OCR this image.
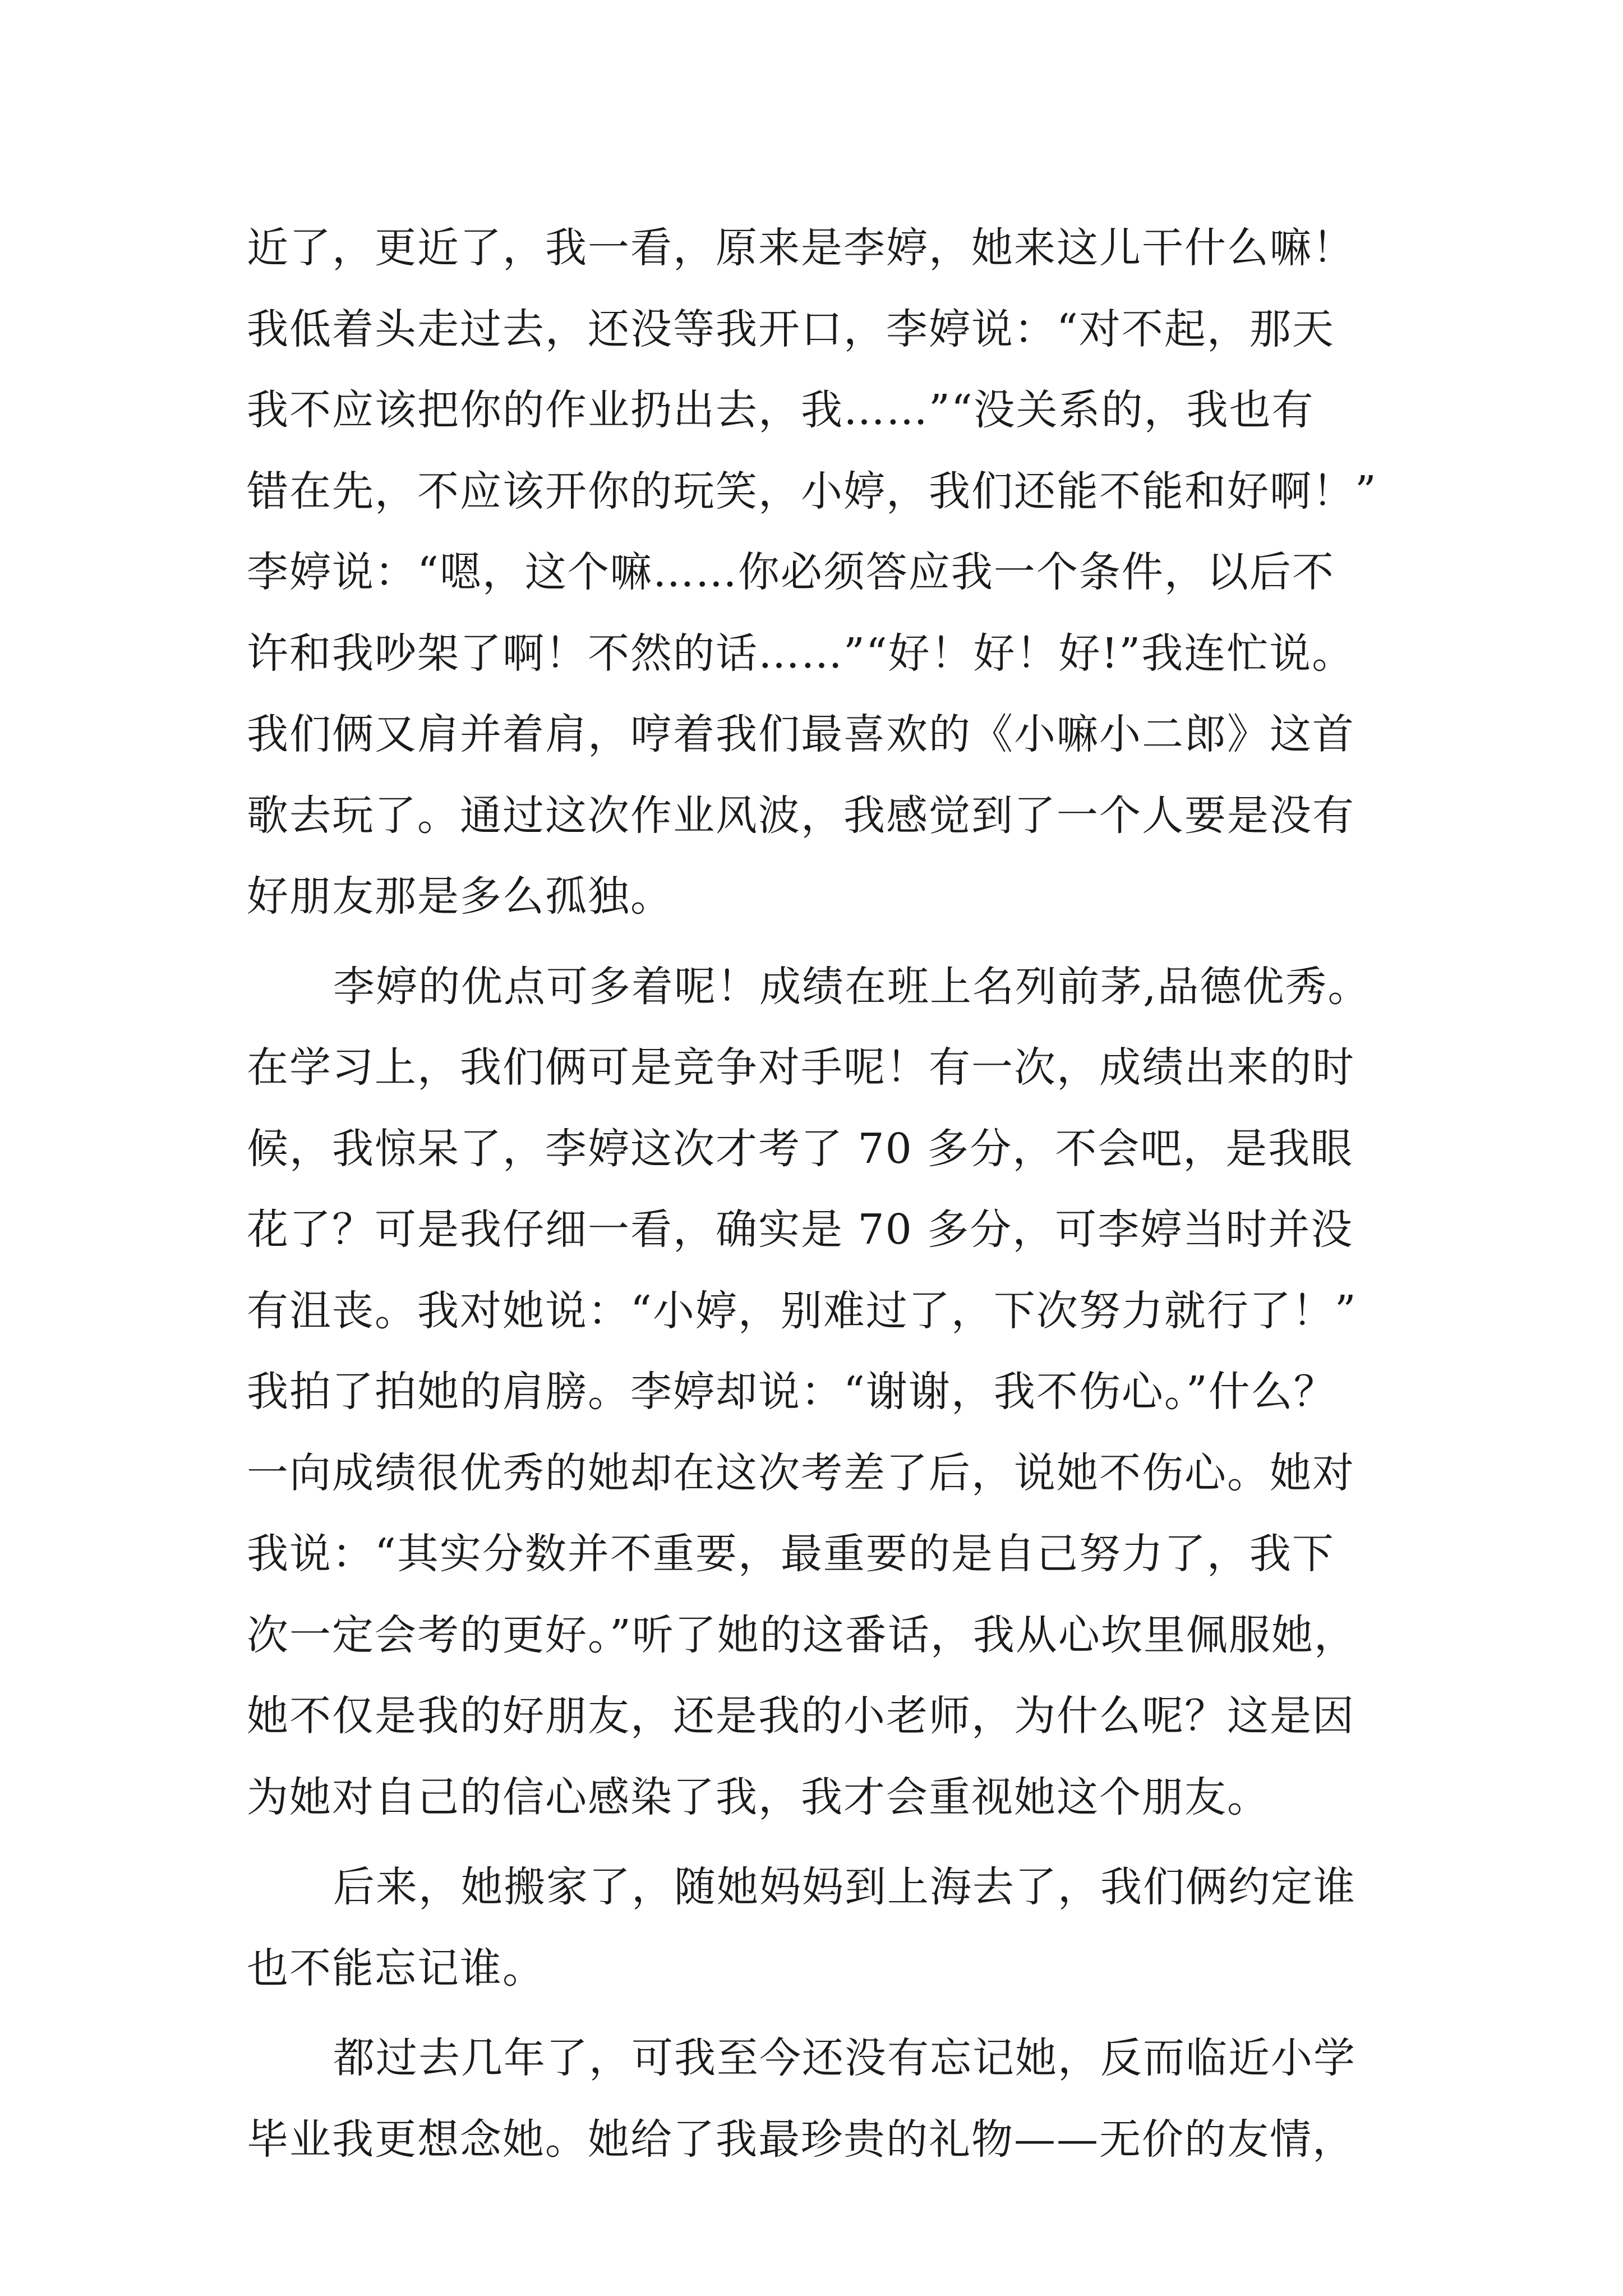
近了，更近了，我一看，原来是李婷，她来这儿干什么嘛！
我低着头走过去，还没等我开口，李婷说：“对不起，那天
我不应该把你的作业扔出去，我……”“没关系的，我也有
错在先，不应该开你的玩笑，小婷，我们还能不能和好啊！”
李婷说：“嗯，这个嘛……你必须答应我一个条件，以后不
许和我吵架了啊！不然的话……”“好！好！好!”我连忙说。
我们俩又肩并着肩，哼着我们最喜欢的《小嘛小二郎》这首
歌去玩了。通过这次作业风波，我感觉到了一个人要是没有
好朋友那是多么孤独。
李婷的优点可多着呢！成绩在班上名列前茅,品德优秀。
在学习上，我们俩可是竞争对手呢！有一次，成绩出来的时
候，我惊呆了，李婷这次才考了 70 多分，不会吧，是我眼
花了？可是我仔细一看，确实是 70 多分，可李婷当时并没
有沮丧。我对她说：“小婷，别难过了，下次努力就行了！”
我拍了拍她的肩膀。李婷却说：“谢谢，我不伤心。”什么？
一向成绩很优秀的她却在这次考差了后，说她不伤心。她对
我说：“其实分数并不重要，最重要的是自己努力了，我下
次一定会考的更好。”听了她的这番话，我从心坎里佩服她，
她不仅是我的好朋友，还是我的小老师，为什么呢？这是因
为她对自己的信心感染了我，我才会重视她这个朋友。
后来，她搬家了，随她妈妈到上海去了，我们俩约定谁
也不能忘记谁。
都过去几年了，可我至今还没有忘记她，反而临近小学
毕业我更想念她。她给了我最珍贵的礼物——无价的友情，
